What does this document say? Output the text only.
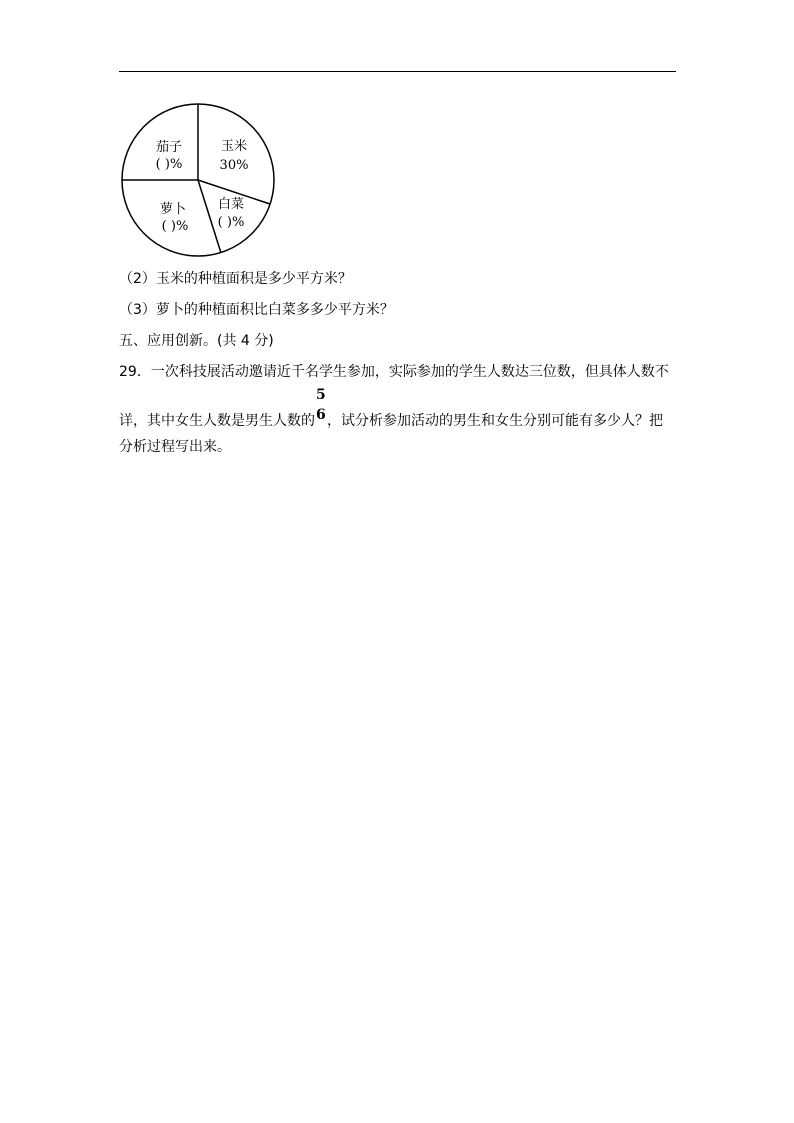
玉米
30%
白菜
( )%
萝卜
( )%
茄子
( )%
（2）玉米的种植面积是多少平方米？
（3）萝卜的种植面积比白菜多多少平方米？
五、应用创新。(共 4 分)
29．一次科技展活动邀请近千名学生参加，实际参加的学生人数达三位数，但具体人数不
详，其中女生人数是男生人数的
5
6 ，试分析参加活动的男生和女生分别可能有多少人？把
分析过程写出来。
